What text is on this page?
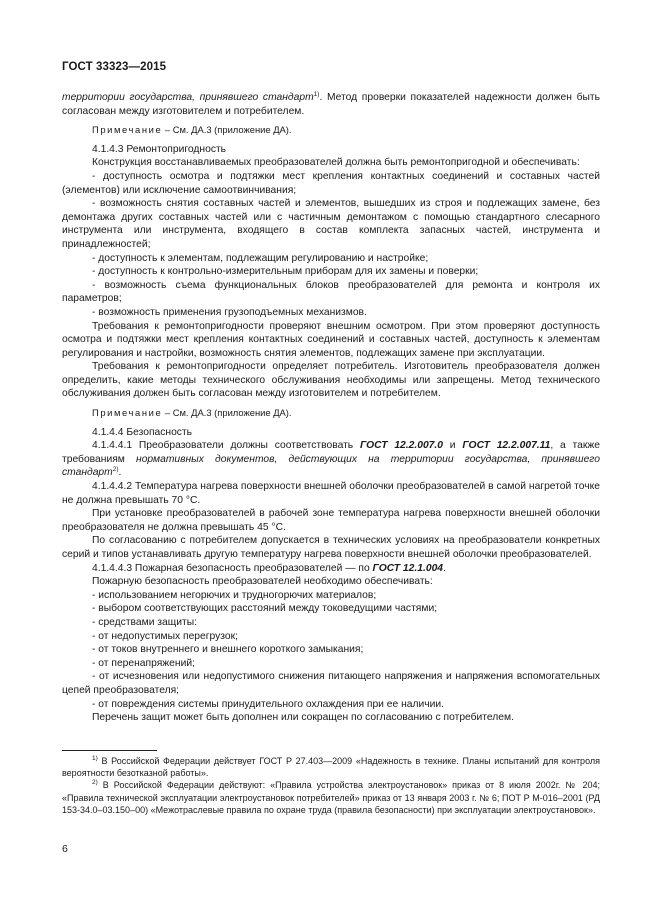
ГОСТ 33323—2015

территории государства, принявшего стандарт$^{1)}$. Метод проверки показателей надежности должен быть согласован между изготовителем и потребителем.

Примечание – См. ДА.3 (приложение ДА).

4.1.4.3 Ремонтопригодность

Конструкция восстанавливаемых преобразователей должна быть ремонтопригодной и обеспечивать:

- доступность осмотра и подтяжки мест крепления контактных соединений и составных частей (элементов) или исключение самоотвинчивания;

- возможность снятия составных частей и элементов, вышедших из строя и подлежащих замене, без демонтажа других составных частей или с частичным демонтажом с помощью стандартного слесарного инструмента или инструмента, входящего в состав комплекта запасных частей, инструмента и принадлежностей;

- доступность к элементам, подлежащим регулированию и настройке;

- доступность к контрольно-измерительным приборам для их замены и поверки;

- возможность съема функциональных блоков преобразователей для ремонта и контроля их параметров;

- возможность применения грузоподъемных механизмов.

Требования к ремонтопригодности проверяют внешним осмотром. При этом проверяют доступность осмотра и подтяжки мест крепления контактных соединений и составных частей, доступность к элементам регулирования и настройки, возможность снятия элементов, подлежащих замене при эксплуатации.

Требования к ремонтопригодности определяет потребитель. Изготовитель преобразователя должен определить, какие методы технического обслуживания необходимы или запрещены. Метод технического обслуживания должен быть согласован между изготовителем и потребителем.

Примечание – См. ДА.3 (приложение ДА).

4.1.4.4 Безопасность

4.1.4.4.1 Преобразователи должны соответствовать ГОСТ 12.2.007.0 и ГОСТ 12.2.007.11, а также требованиям нормативных документов, действующих на территории государства, принявшего стандарт$^{2)}$.

4.1.4.4.2 Температура нагрева поверхности внешней оболочки преобразователей в самой нагретой точке не должна превышать 70 °С.

При установке преобразователей в рабочей зоне температура нагрева поверхности внешней оболочки преобразователя не должна превышать 45 °С.

По согласованию с потребителем допускается в технических условиях на преобразователи конкретных серий и типов устанавливать другую температуру нагрева поверхности внешней оболочки преобразователей.

4.1.4.4.3 Пожарная безопасность преобразователей — по ГОСТ 12.1.004.

Пожарную безопасность преобразователей необходимо обеспечивать:

- использованием негорючих и трудногорючих материалов;

- выбором соответствующих расстояний между токоведущими частями;

- средствами защиты:

- от недопустимых перегрузок;

- от токов внутреннего и внешнего короткого замыкания;

- от перенапряжений;

- от исчезновения или недопустимого снижения питающего напряжения и напряжения вспомогательных цепей преобразователя;

- от повреждения системы принудительного охлаждения при ее наличии.

Перечень защит может быть дополнен или сокращен по согласованию с потребителем.

$^{1)}$ В Российской Федерации действует ГОСТ Р 27.403—2009 «Надежность в технике. Планы испытаний для контроля вероятности безотказной работы».

$^{2)}$ В Российской Федерации действуют: «Правила устройства электроустановок» приказ от 8 июля 2002г. № 204; «Правила технической эксплуатации электроустановок потребителей» приказ от 13 января 2003 г. № 6; ПОТ Р М-016–2001 (РД 153-34.0–03.150–00) «Межотраслевые правила по охране труда (правила безопасности) при эксплуатации электроустановок».

6
